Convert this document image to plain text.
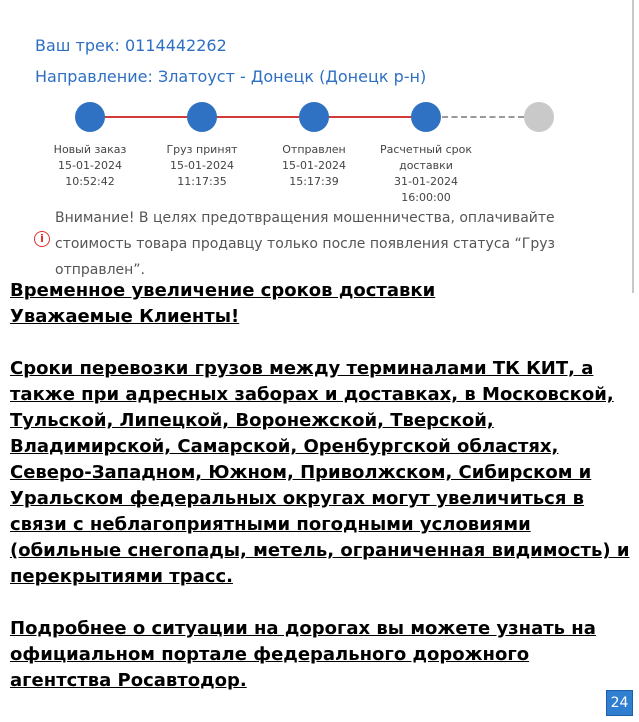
Ваш трек: 0114442262
Направление: Златоуст - Донецк (Донецк р-н)
Новый заказ
15-01-2024
10:52:42
Груз принят
15-01-2024
11:17:35
Отправлен
15-01-2024
15:17:39
Расчетный срок
доставки
31-01-2024
16:00:00
i
Внимание! В целях предотвращения мошенничества, оплачивайте стоимость товара продавцу только после появления статуса “Груз отправлен”.

Временное увеличение сроков доставки

Уважаемые Клиенты!

Сроки перевозки грузов между терминалами ТК КИТ, а также при адресных заборах и доставках, в Московской, Тульской, Липецкой, Воронежской, Тверской, Владимирской, Самарской, Оренбургской областях, Северо-Западном, Южном, Приволжском, Сибирском и Уральском федеральных округах могут увеличиться в связи с неблагоприятными погодными условиями (обильные снегопады, метель, ограниченная видимость) и перекрытиями трасс.

Подробнее о ситуации на дорогах вы можете узнать на официальном портале федерального дорожного агентства Росавтодор.

24
